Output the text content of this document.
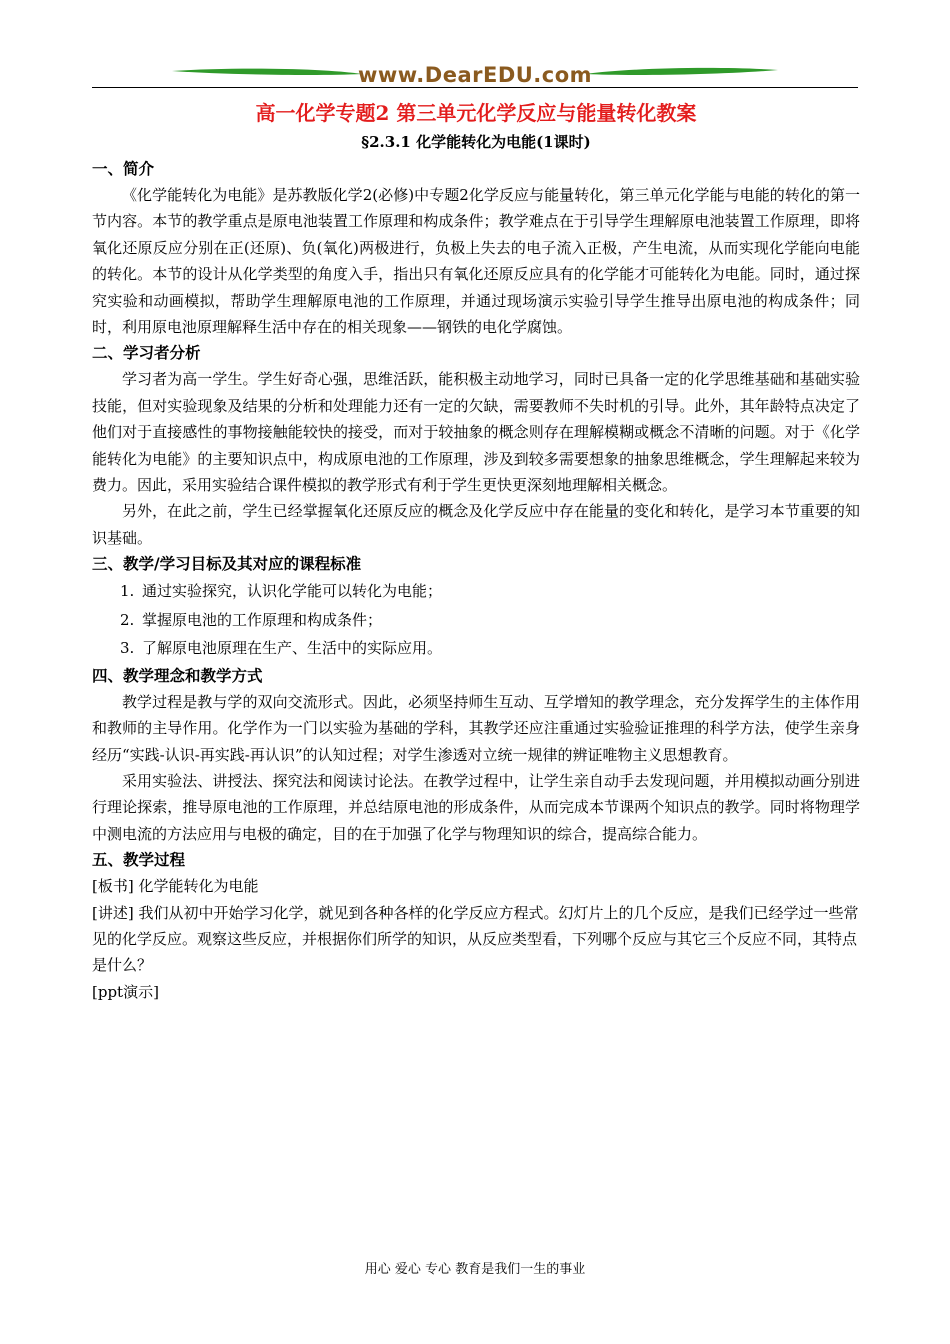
www.DearEDU.com
高一化学专题2 第三单元化学反应与能量转化教案
§2.3.1 化学能转化为电能(1课时)

一、简介

《化学能转化为电能》是苏教版化学2(必修)中专题2化学反应与能量转化，第三单元化学能与电能的转化的第一节内容。本节的教学重点是原电池装置工作原理和构成条件；教学难点在于引导学生理解原电池装置工作原理，即将氧化还原反应分别在正(还原)、负(氧化)两极进行，负极上失去的电子流入正极，产生电流，从而实现化学能向电能的转化。本节的设计从化学类型的角度入手，指出只有氧化还原反应具有的化学能才可能转化为电能。同时，通过探究实验和动画模拟，帮助学生理解原电池的工作原理，并通过现场演示实验引导学生推导出原电池的构成条件；同时，利用原电池原理解释生活中存在的相关现象——钢铁的电化学腐蚀。

二、学习者分析

学习者为高一学生。学生好奇心强，思维活跃，能积极主动地学习，同时已具备一定的化学思维基础和基础实验技能，但对实验现象及结果的分析和处理能力还有一定的欠缺，需要教师不失时机的引导。此外，其年龄特点决定了他们对于直接感性的事物接触能较快的接受，而对于较抽象的概念则存在理解模糊或概念不清晰的问题。对于《化学能转化为电能》的主要知识点中，构成原电池的工作原理，涉及到较多需要想象的抽象思维概念，学生理解起来较为费力。因此，采用实验结合课件模拟的教学形式有利于学生更快更深刻地理解相关概念。

另外，在此之前，学生已经掌握氧化还原反应的概念及化学反应中存在能量的变化和转化，是学习本节重要的知识基础。

三、教学/学习目标及其对应的课程标准

1. 通过实验探究，认识化学能可以转化为电能；
2. 掌握原电池的工作原理和构成条件；
3. 了解原电池原理在生产、生活中的实际应用。

四、教学理念和教学方式

教学过程是教与学的双向交流形式。因此，必须坚持师生互动、互学增知的教学理念，充分发挥学生的主体作用和教师的主导作用。化学作为一门以实验为基础的学科，其教学还应注重通过实验验证推理的科学方法，使学生亲身经历“实践-认识-再实践-再认识”的认知过程；对学生渗透对立统一规律的辨证唯物主义思想教育。

采用实验法、讲授法、探究法和阅读讨论法。在教学过程中，让学生亲自动手去发现问题，并用模拟动画分别进行理论探索，推导原电池的工作原理，并总结原电池的形成条件，从而完成本节课两个知识点的教学。同时将物理学中测电流的方法应用与电极的确定，目的在于加强了化学与物理知识的综合，提高综合能力。

五、教学过程

[板书] 化学能转化为电能

[讲述] 我们从初中开始学习化学，就见到各种各样的化学反应方程式。幻灯片上的几个反应，是我们已经学过一些常见的化学反应。观察这些反应，并根据你们所学的知识，从反应类型看，下列哪个反应与其它三个反应不同，其特点是什么？

[ppt演示]

用心 爱心 专心 教育是我们一生的事业
